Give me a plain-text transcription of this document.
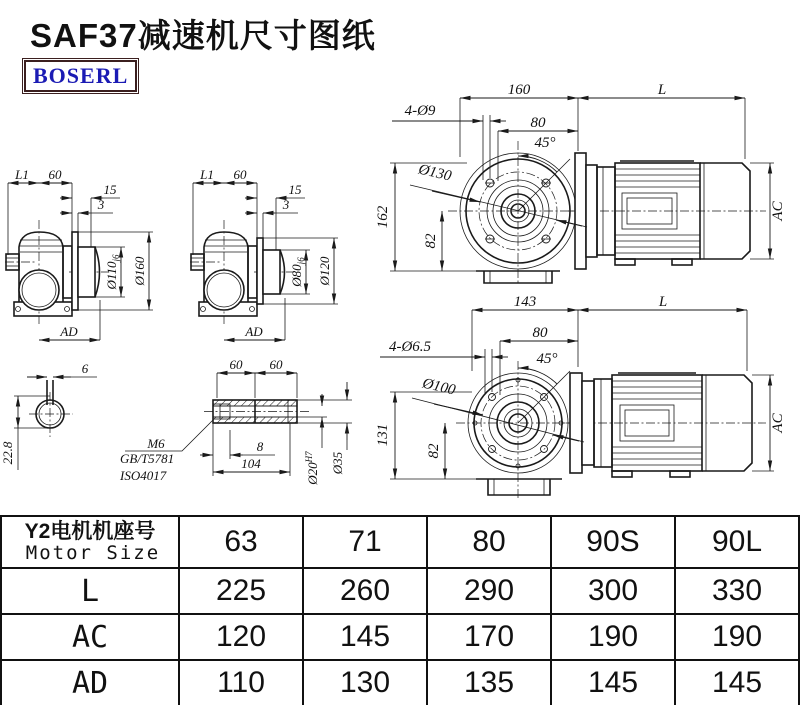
SAF37减速机尺寸图纸
BOSERL
L1 60
15
3
$Ø110_{j6}$ Ø160
AD
L1 60
15
3
$Ø80_{j6}$ Ø120
AD
160	L
4-Ø9
80
45°
Ø130
162
82
AC
143	L
80
4-Ø6.5
45°
Ø100
131
82
AC
6
22.8
60 60
M6
GB/T5781
ISO4017
8
104	$Ø20^{H7}$	Ø35
Y2电机机座号
Motor Size	63	71	80	90S	90L
L	225	260	290	300	330
AC	120	145	170	190	190
AD	110	130	135	145	145
